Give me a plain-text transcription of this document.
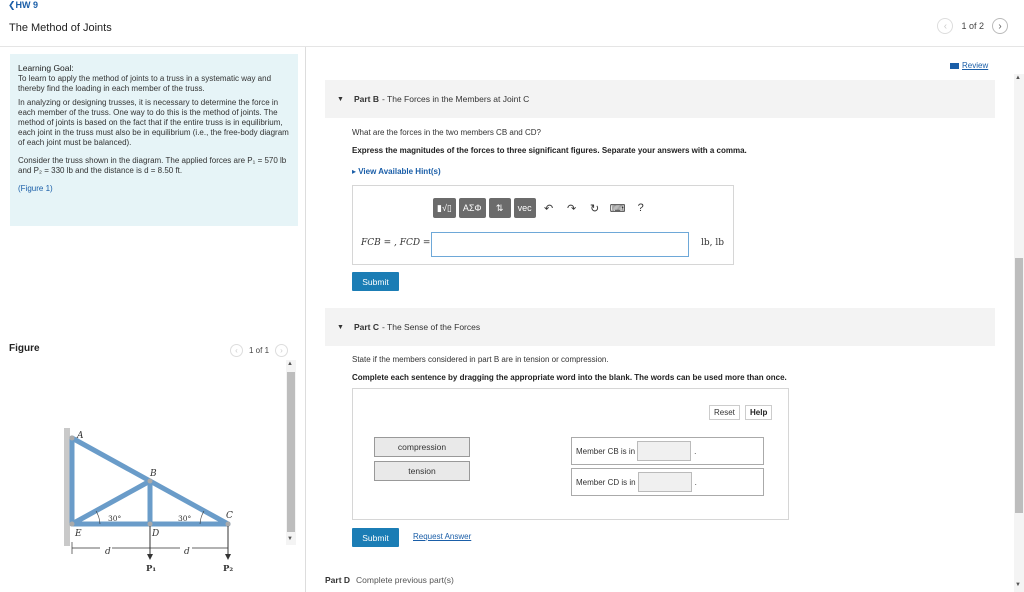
❮HW 9
The Method of Joints	‹	1 of 2	›

Learning Goal:

To learn to apply the method of joints to a truss in a systematic way and thereby find the loading in each member of the truss.

In analyzing or designing trusses, it is necessary to determine the force in each member of the truss. One way to do this is the method of joints. The method of joints is based on the fact that if the entire truss is in equilibrium, each joint in the truss must also be in equilibrium (i.e., the free-body diagram of each joint must be balanced).

Consider the truss shown in the diagram. The applied forces are P₁ = 570 lb and P₂ = 330 lb and the distance is d = 8.50 ft.

(Figure 1)

Figure	‹	1 of 1	›
▲
▼
A
B
C
D
E
d	d
30°	30°
P₁	P₂
Review
▼ Part B - The Forces in the Members at Joint C
What are the forces in the two members CB and CD?
Express the magnitudes of the forces to three significant figures. Separate your answers with a comma.
▸ View Available Hint(s)
▮√▯	ΑΣΦ	⇅	vec	↶	↷	↻ ⌨	?
FCB = , FCD =	lb, lb
Submit
▼ Part C - The Sense of the Forces
State if the members considered in part B are in tension or compression.
Complete each sentence by dragging the appropriate word into the blank. The words can be used more than once.
Reset	Help
compression
tension
Member CB is in	.
Member CD is in	.
Submit	Request Answer
Part D Complete previous part(s)
▲
▼
